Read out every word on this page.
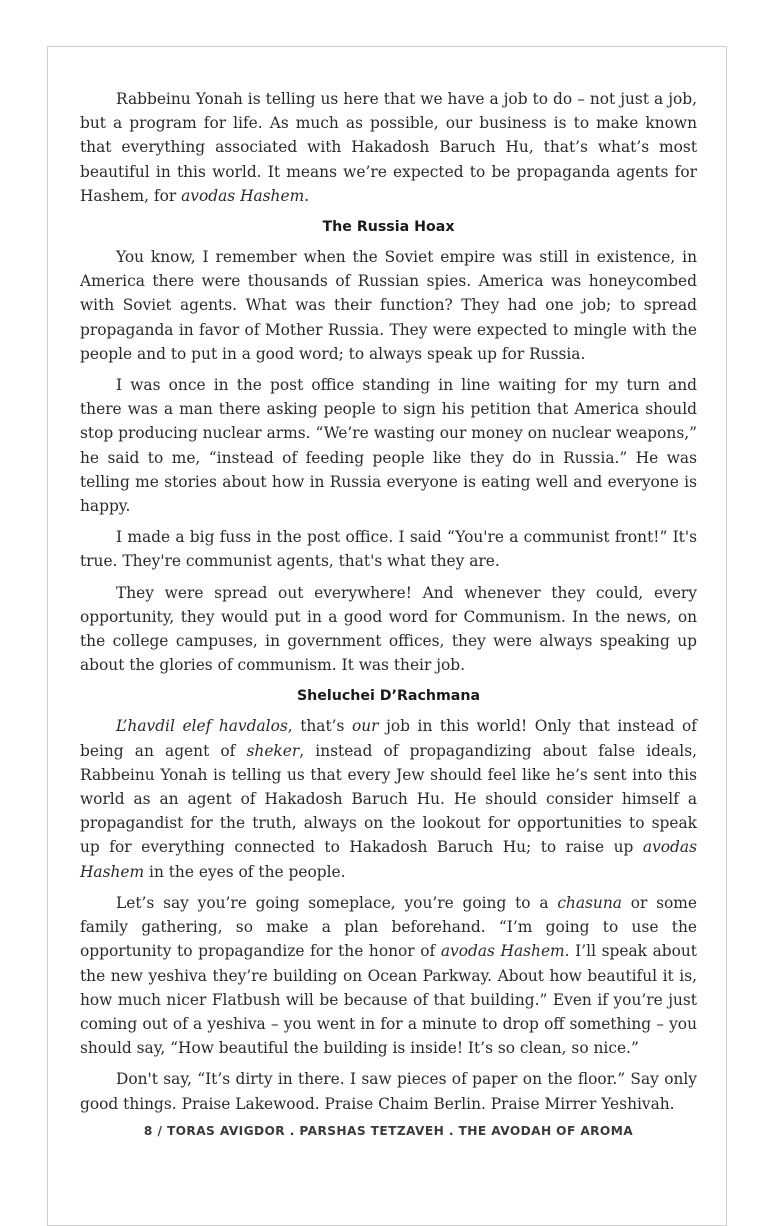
Rabbeinu Yonah is telling us here that we have a job to do – not just a job, but a program for life. As much as possible, our business is to make known that everything associated with Hakadosh Baruch Hu, that’s what’s most beautiful in this world. It means we’re expected to be propaganda agents for Hashem, for avodas Hashem.

The Russia Hoax

You know, I remember when the Soviet empire was still in existence, in America there were thousands of Russian spies. America was honeycombed with Soviet agents. What was their function? They had one job; to spread propaganda in favor of Mother Russia. They were expected to mingle with the people and to put in a good word; to always speak up for Russia.

I was once in the post office standing in line waiting for my turn and there was a man there asking people to sign his petition that America should stop producing nuclear arms. “We’re wasting our money on nuclear weapons,” he said to me, “instead of feeding people like they do in Russia.” He was telling me stories about how in Russia everyone is eating well and everyone is happy.

I made a big fuss in the post office. I said “You're a communist front!” It's true. They're communist agents, that's what they are.

They were spread out everywhere! And whenever they could, every opportunity, they would put in a good word for Communism. In the news, on the college campuses, in government offices, they were always speaking up about the glories of communism. It was their job.

Sheluchei D’Rachmana

L’havdil elef havdalos, that’s our job in this world! Only that instead of being an agent of sheker, instead of propagandizing about false ideals, Rabbeinu Yonah is telling us that every Jew should feel like he’s sent into this world as an agent of Hakadosh Baruch Hu. He should consider himself a propagandist for the truth, always on the lookout for opportunities to speak up for everything connected to Hakadosh Baruch Hu; to raise up avodas Hashem in the eyes of the people.

Let’s say you’re going someplace, you’re going to a chasuna or some family gathering, so make a plan beforehand. “I’m going to use the opportunity to propagandize for the honor of avodas Hashem. I’ll speak about the new yeshiva they’re building on Ocean Parkway. About how beautiful it is, how much nicer Flatbush will be because of that building.” Even if you’re just coming out of a yeshiva – you went in for a minute to drop off something – you should say, “How beautiful the building is inside! It’s so clean, so nice.”

Don't say, “It’s dirty in there. I saw pieces of paper on the floor.” Say only good things. Praise Lakewood. Praise Chaim Berlin. Praise Mirrer Yeshivah.

8 / TORAS AVIGDOR . PARSHAS TETZAVEH . THE AVODAH OF AROMA
